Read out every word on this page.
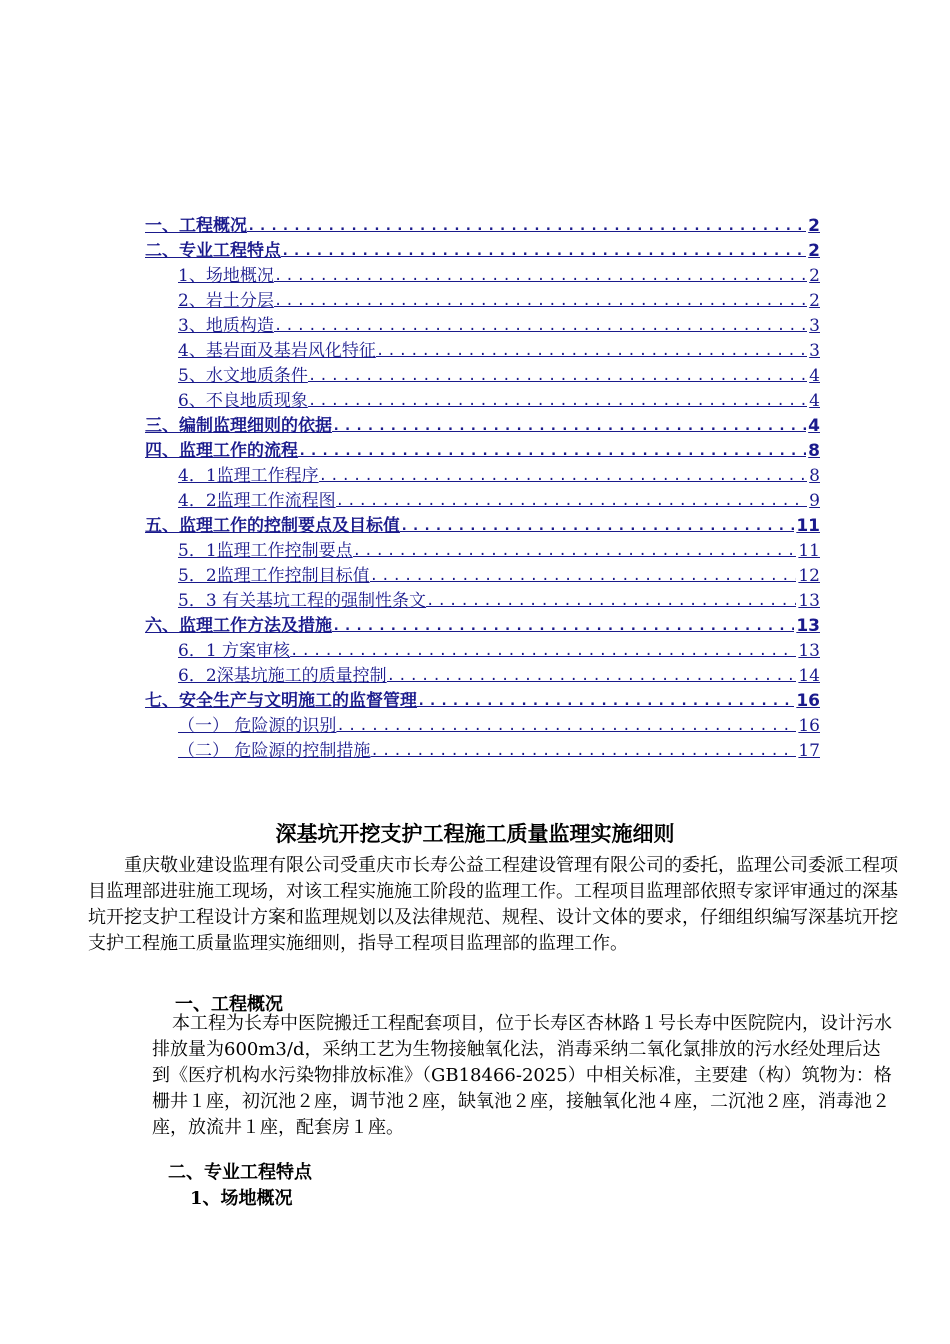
一、工程概况 .....	2
二、专业工程特点 .....	2
1、场地概况 .....	2
2、岩土分层 .....	2
3、地质构造 .....	3
4、基岩面及基岩风化特征 .....	3
5、水文地质条件 .....	4
6、不良地质现象 .....	4
三、编制监理细则的依据 .....	4
四、监理工作的流程 .....	8
4．1监理工作程序 .....	8
4．2监理工作流程图 .....	9
五、监理工作的控制要点及目标值 .....	11
5．1监理工作控制要点 .....	11
5．2监理工作控制目标值 .....	12
5．3 有关基坑工程的强制性条文 .....	13
六、监理工作方法及措施 .....	13
6．1 方案审核 .....	13
6．2深基坑施工的质量控制 .....	14
七、安全生产与文明施工的监督管理 .....	16
（一） 危险源的识别 .....	16
（二） 危险源的控制措施 .....	17
深基坑开挖支护工程施工质量监理实施细则

重庆敬业建设监理有限公司受重庆市长寿公益工程建设管理有限公司的委托，监理公司委派工程项目监理部进驻施工现场，对该工程实施施工阶段的监理工作。工程项目监理部依照专家评审通过的深基坑开挖支护工程设计方案和监理规划以及法律规范、规程、设计文体的要求，仔细组织编写深基坑开挖支护工程施工质量监理实施细则，指导工程项目监理部的监理工作。

一、工程概况

本工程为长寿中医院搬迁工程配套项目，位于长寿区杏林路１号长寿中医院院内，设计污水排放量为600m3/d，采纳工艺为生物接触氧化法，消毒采纳二氧化氯排放的污水经处理后达到《医疗机构水污染物排放标准》（GB18466-2025）中相关标准，主要建（构）筑物为：格栅井１座，初沉池２座，调节池２座，缺氧池２座，接触氧化池４座，二沉池２座，消毒池２座，放流井１座，配套房１座。

二、专业工程特点
1、场地概况
